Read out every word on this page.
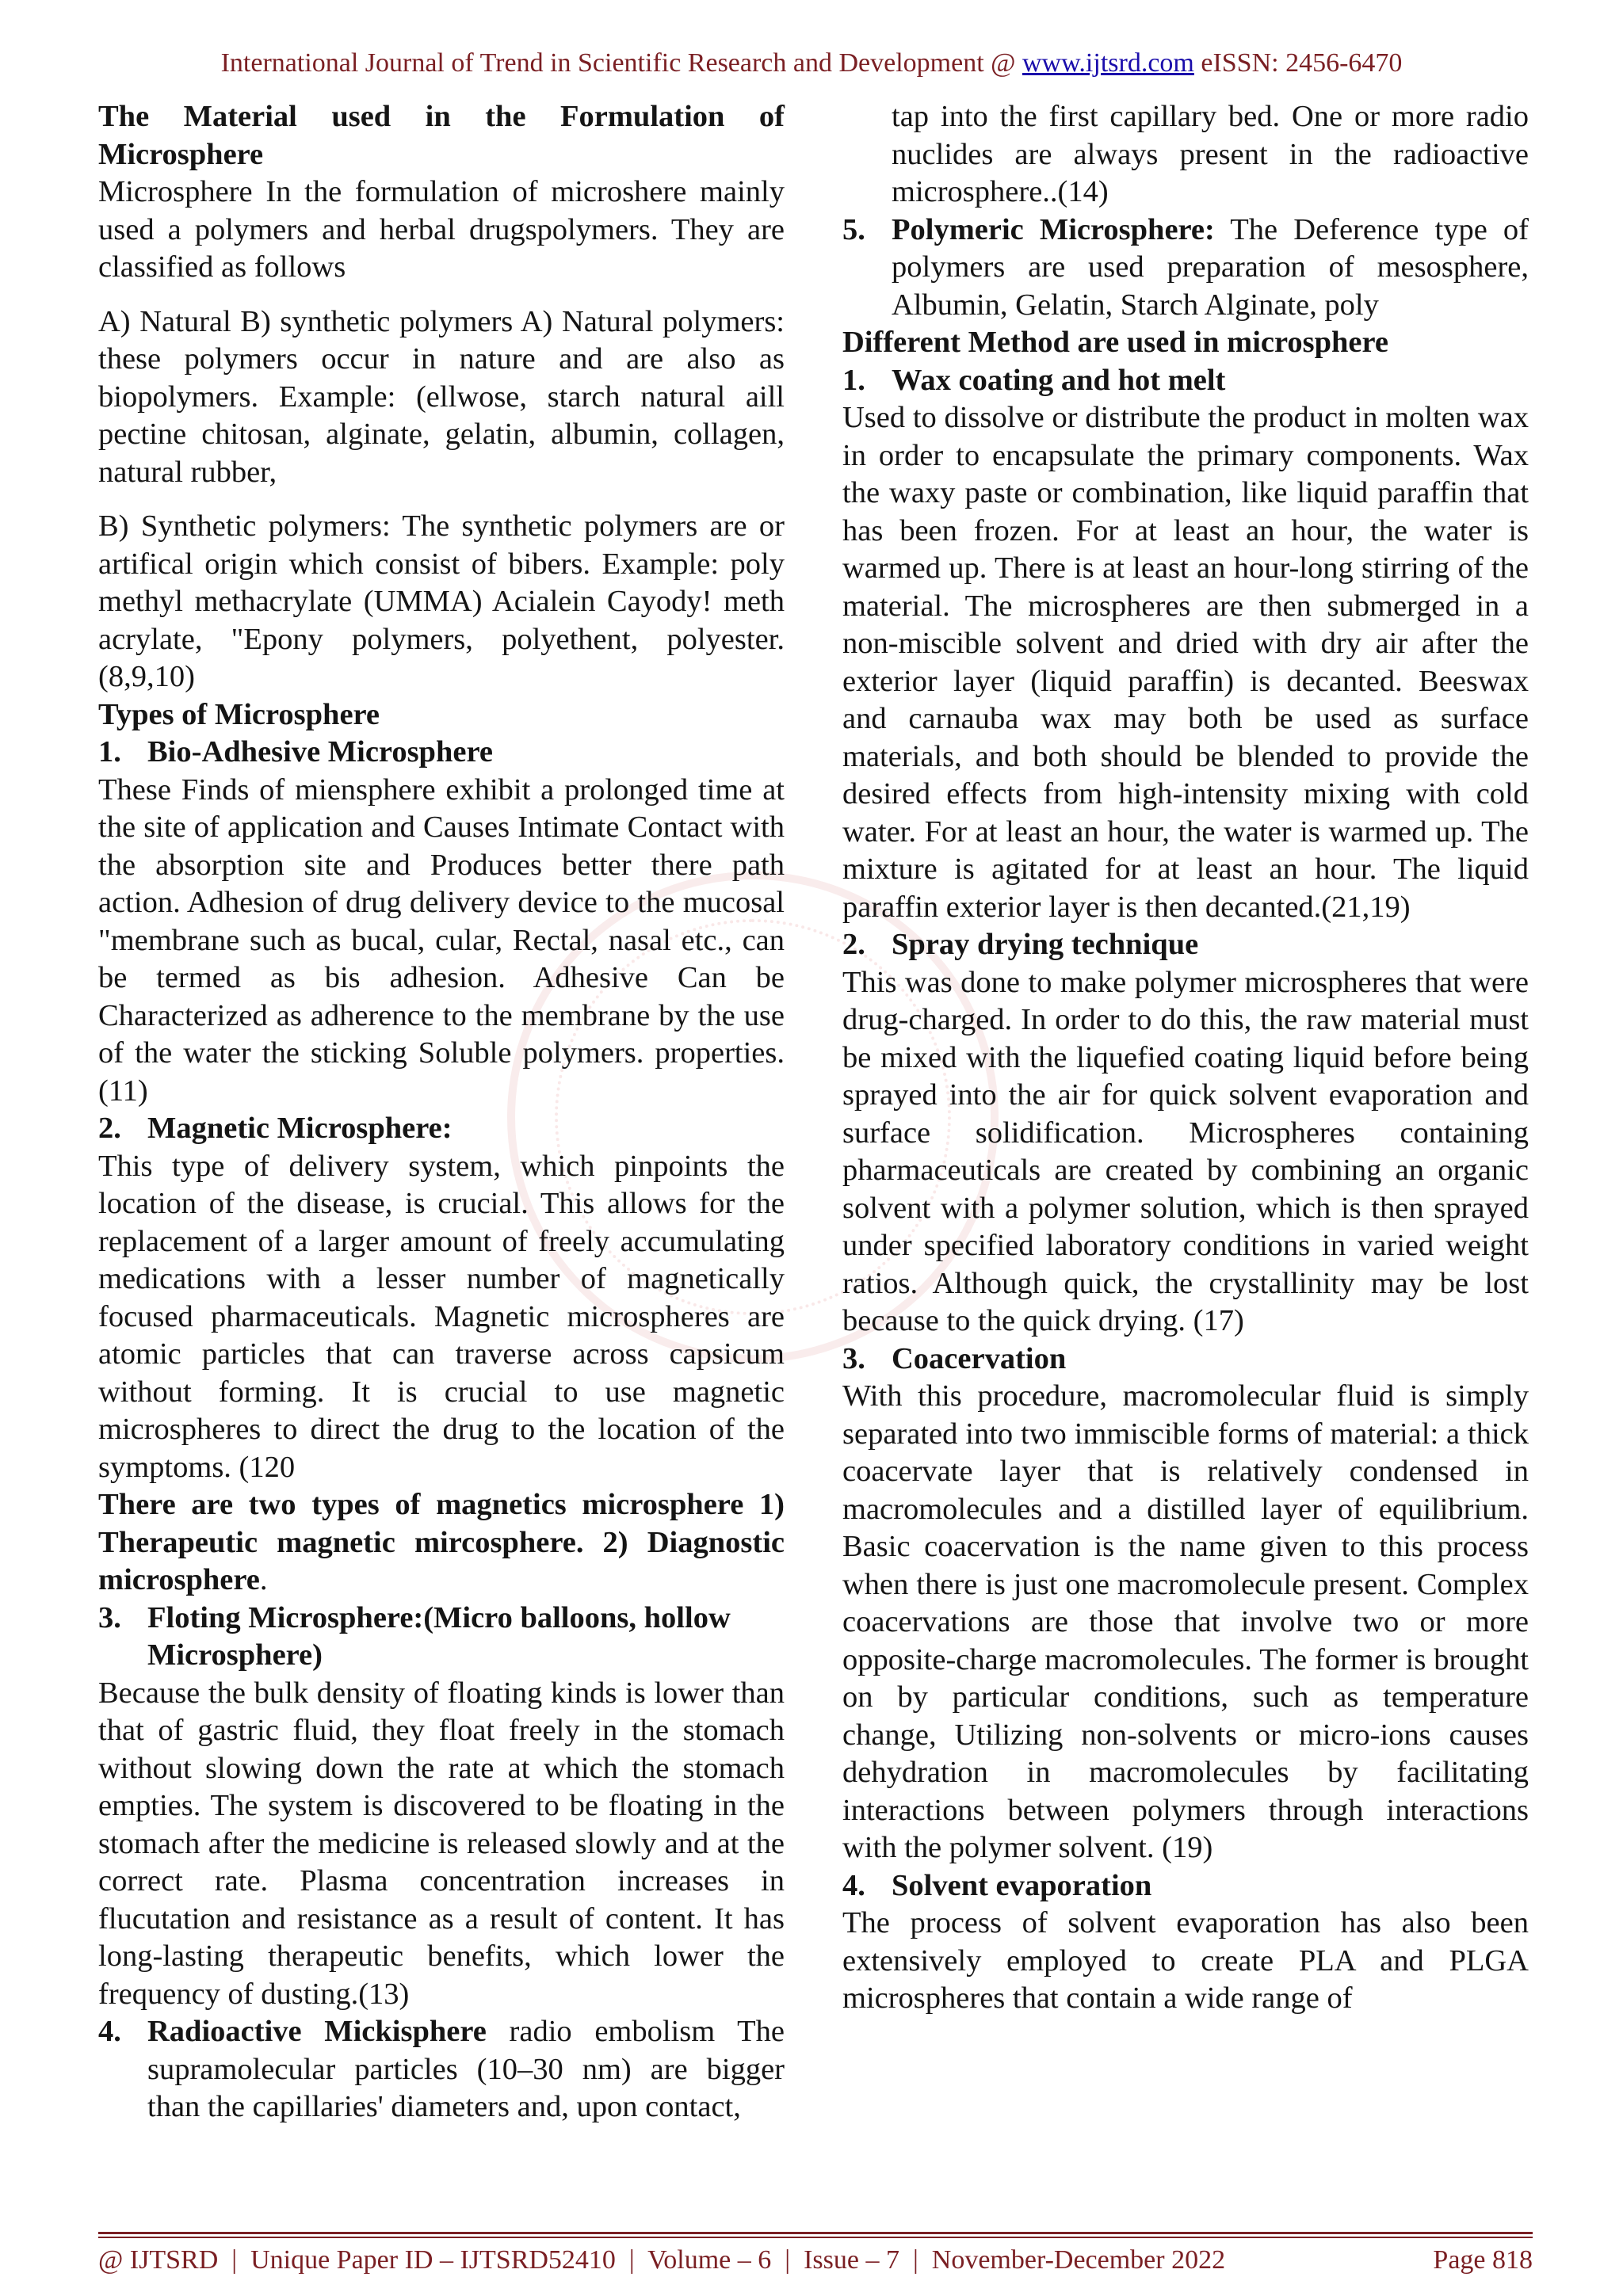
International Journal of Trend in Scientific Research and Development @ www.ijtsrd.com eISSN: 2456-6470

The Material used in the Formulation of Microsphere

Microsphere In the formulation of microshere mainly used a polymers and herbal drugspolymers. They are classified as follows

A) Natural B) synthetic polymers A) Natural polymers: these polymers occur in nature and are also as biopolymers. Example: (ellwose, starch natural aill pectine chitosan, alginate, gelatin, albumin, collagen, natural rubber,

B) Synthetic polymers: The synthetic polymers are or artifical origin which consist of bibers. Example: poly methyl methacrylate (UMMA) Acialein Cayody! meth acrylate, "Epony polymers, polyethent, polyester.(8,9,10)

Types of Microsphere

1. Bio-Adhesive Microsphere

These Finds of miensphere exhibit a prolonged time at the site of application and Causes Intimate Contact with the absorption site and Produces better there path action. Adhesion of drug delivery device to the mucosal "membrane such as bucal, cular, Rectal, nasal etc., can be termed as bis adhesion. Adhesive Can be Characterized as adherence to the membrane by the use of the water the sticking Soluble polymers. properties.(11)

2. Magnetic Microsphere:

This type of delivery system, which pinpoints the location of the disease, is crucial. This allows for the replacement of a larger amount of freely accumulating medications with a lesser number of magnetically focused pharmaceuticals. Magnetic microspheres are atomic particles that can traverse across capsicum without forming. It is crucial to use magnetic microspheres to direct the drug to the location of the symptoms. (120

There are two types of magnetics microsphere 1) Therapeutic magnetic mircosphere. 2) Diagnostic microsphere.

3. Floting Microsphere:(Micro balloons, hollow Microsphere)

Because the bulk density of floating kinds is lower than that of gastric fluid, they float freely in the stomach without slowing down the rate at which the stomach empties. The system is discovered to be floating in the stomach after the medicine is released slowly and at the correct rate. Plasma concentration increases in flucutation and resistance as a result of content. It has long-lasting therapeutic benefits, which lower the frequency of dusting.(13)

4. Radioactive Mickisphere radio embolism The supramolecular particles (10–30 nm) are bigger than the capillaries' diameters and, upon contact,

tap into the first capillary bed. One or more radio nuclides are always present in the radioactive microsphere..(14)

5. Polymeric Microsphere: The Deference type of polymers are used preparation of mesosphere, Albumin, Gelatin, Starch Alginate, poly

Different Method are used in microsphere

1. Wax coating and hot melt

Used to dissolve or distribute the product in molten wax in order to encapsulate the primary components. Wax the waxy paste or combination, like liquid paraffin that has been frozen. For at least an hour, the water is warmed up. There is at least an hour-long stirring of the material. The microspheres are then submerged in a non-miscible solvent and dried with dry air after the exterior layer (liquid paraffin) is decanted. Beeswax and carnauba wax may both be used as surface materials, and both should be blended to provide the desired effects from high-intensity mixing with cold water. For at least an hour, the water is warmed up. The mixture is agitated for at least an hour. The liquid paraffin exterior layer is then decanted.(21,19)

2. Spray drying technique

This was done to make polymer microspheres that were drug-charged. In order to do this, the raw material must be mixed with the liquefied coating liquid before being sprayed into the air for quick solvent evaporation and surface solidification. Microspheres containing pharmaceuticals are created by combining an organic solvent with a polymer solution, which is then sprayed under specified laboratory conditions in varied weight ratios. Although quick, the crystallinity may be lost because to the quick drying. (17)

3. Coacervation

With this procedure, macromolecular fluid is simply separated into two immiscible forms of material: a thick coacervate layer that is relatively condensed in macromolecules and a distilled layer of equilibrium. Basic coacervation is the name given to this process when there is just one macromolecule present. Complex coacervations are those that involve two or more opposite-charge macromolecules. The former is brought on by particular conditions, such as temperature change, Utilizing non-solvents or micro-ions causes dehydration in macromolecules by facilitating interactions between polymers through interactions with the polymer solvent. (19)

4. Solvent evaporation

The process of solvent evaporation has also been extensively employed to create PLA and PLGA microspheres that contain a wide range of

@ IJTSRD  |  Unique Paper ID – IJTSRD52410  |  Volume – 6  |  Issue – 7  |  November-December 2022	Page 818
